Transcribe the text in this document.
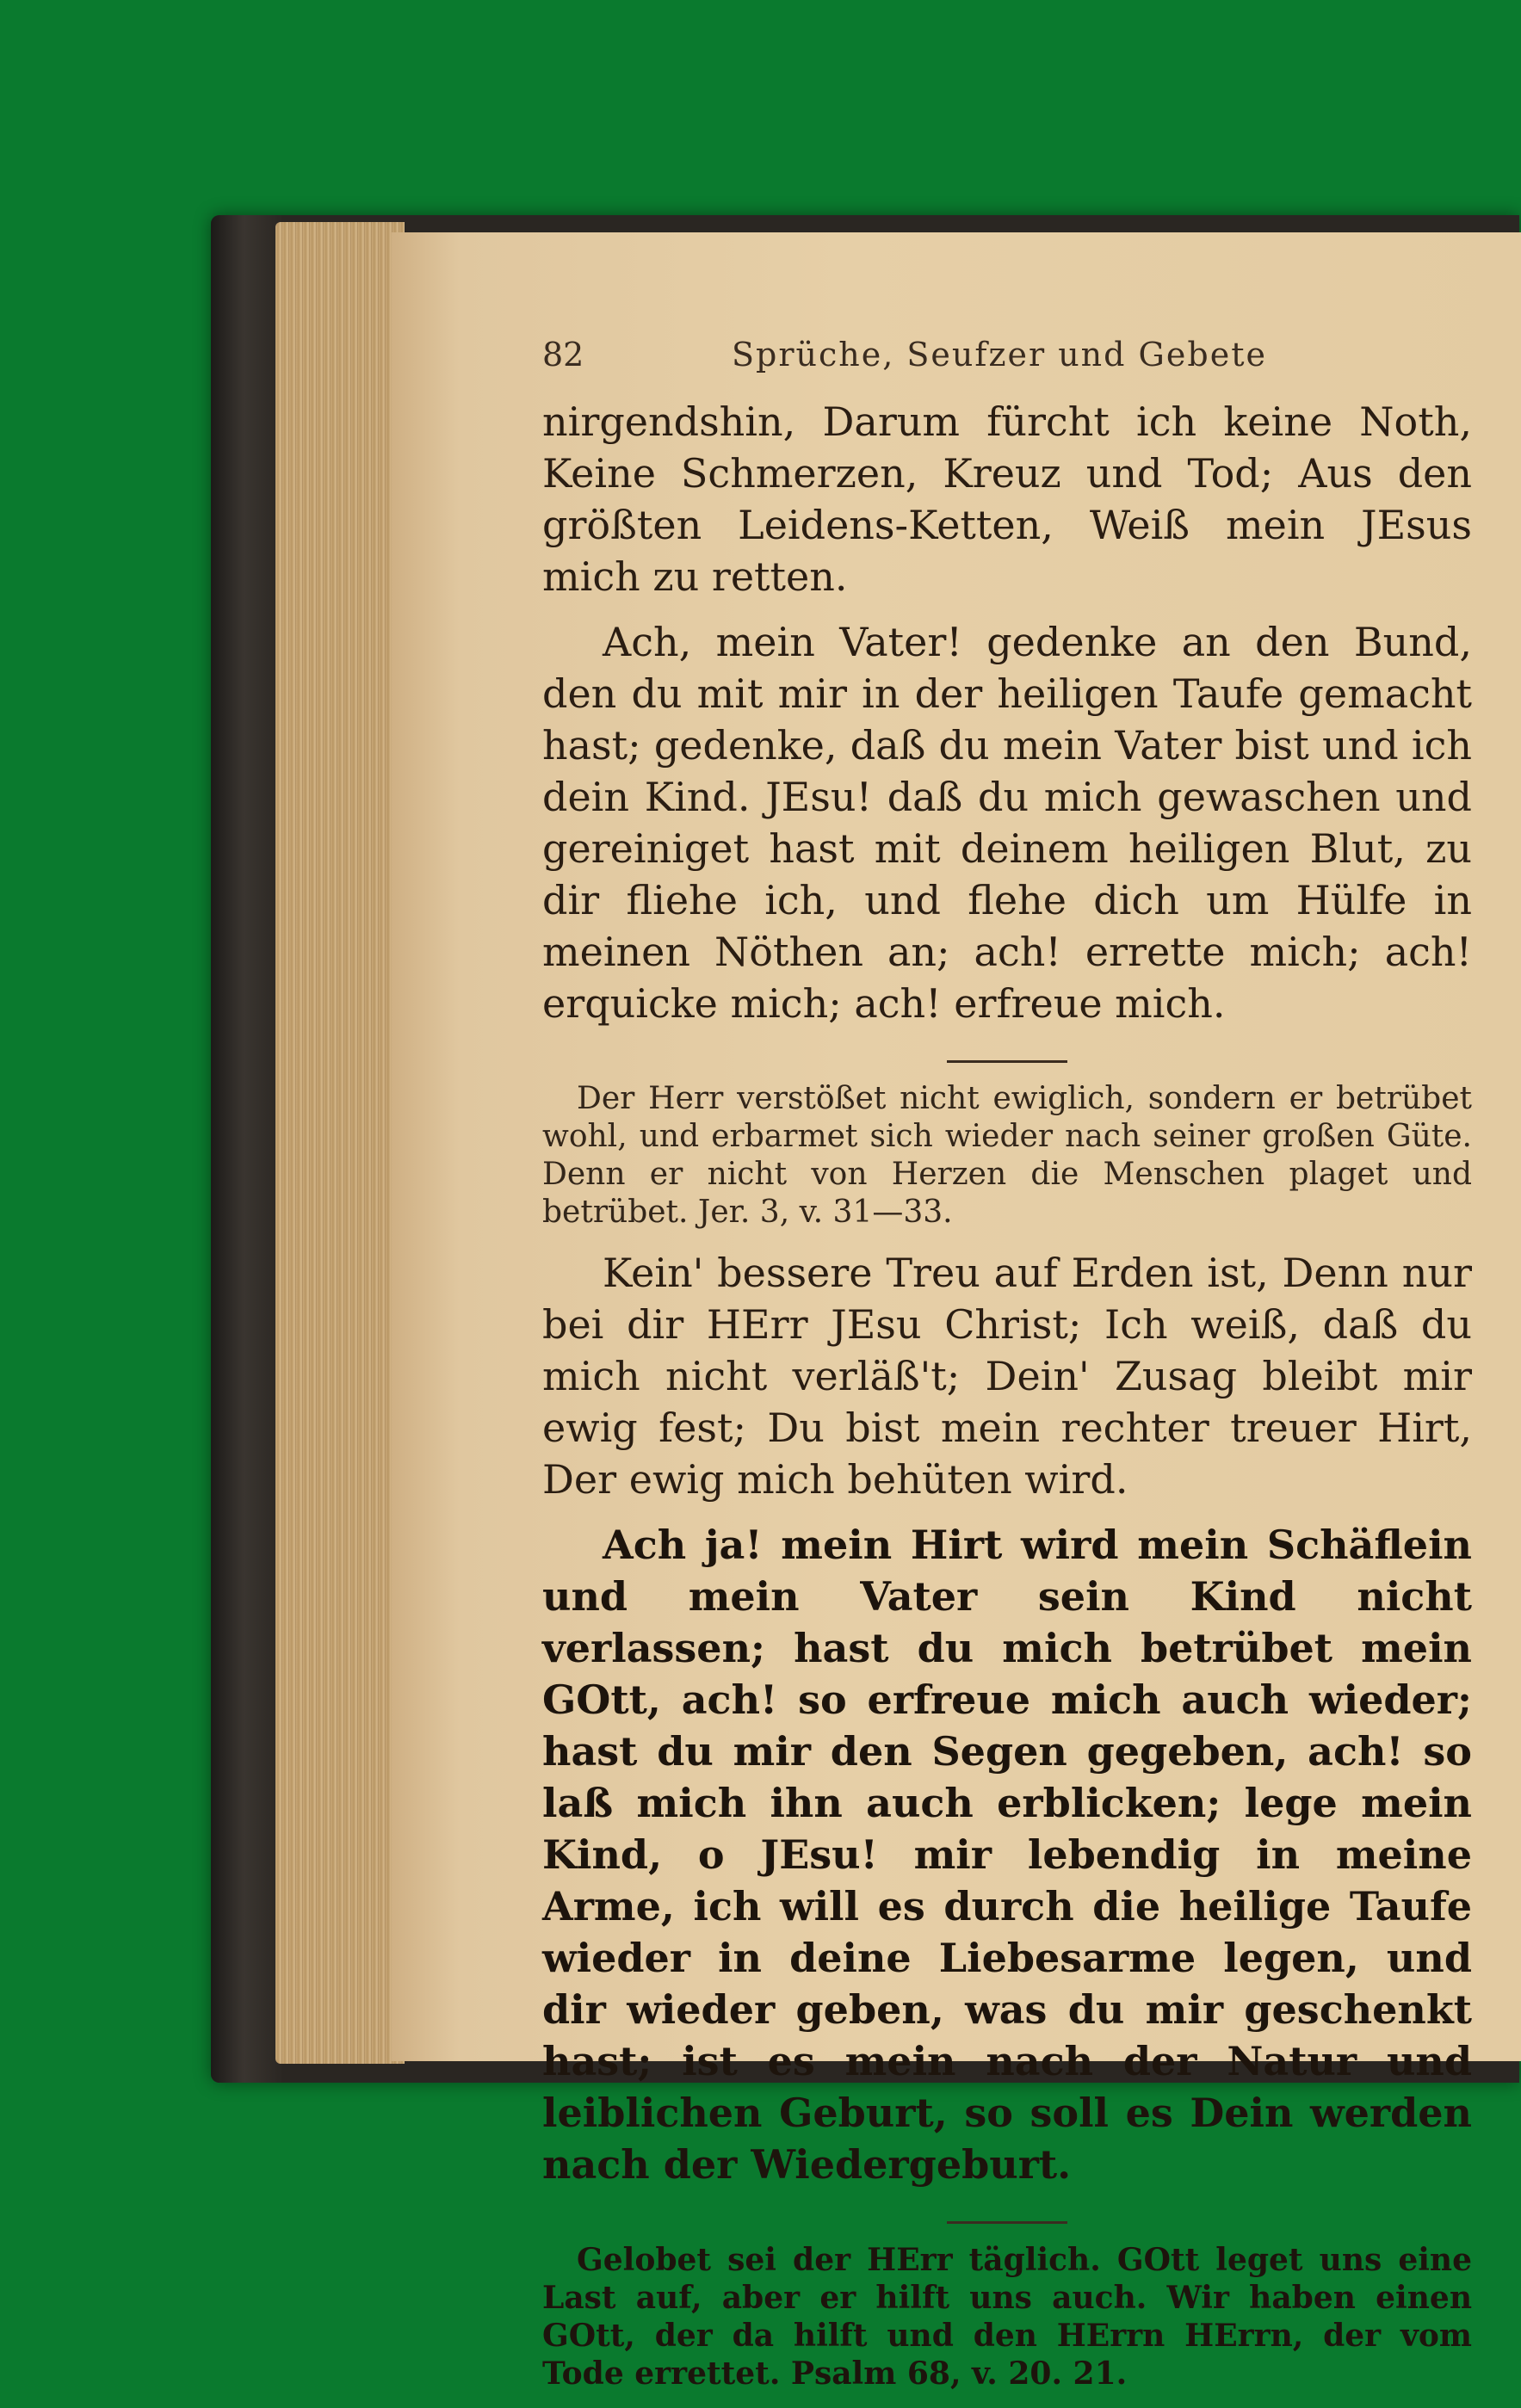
82	Sprüche, Seufzer und Gebete

nirgendshin, Darum fürcht ich keine Noth, Keine Schmerzen, Kreuz und Tod; Aus den größten Leidens-Ketten, Weiß mein JEsus mich zu retten.

Ach, mein Vater! gedenke an den Bund, den du mit mir in der heiligen Taufe gemacht hast; gedenke, daß du mein Vater bist und ich dein Kind. JEsu! daß du mich gewaschen und gereiniget hast mit deinem heiligen Blut, zu dir fliehe ich, und flehe dich um Hülfe in meinen Nöthen an; ach! errette mich; ach! erquicke mich; ach! erfreue mich.

Der Herr verstößet nicht ewiglich, sondern er betrübet wohl, und erbarmet sich wieder nach seiner großen Güte. Denn er nicht von Herzen die Menschen plaget und betrübet. Jer. 3, v. 31—33.

Kein' bessere Treu auf Erden ist, Denn nur bei dir HErr JEsu Christ; Ich weiß, daß du mich nicht verläß't; Dein' Zusag bleibt mir ewig fest; Du bist mein rechter treuer Hirt, Der ewig mich behüten wird.

Ach ja! mein Hirt wird mein Schäflein und mein Vater sein Kind nicht verlassen; hast du mich betrübet mein GOtt, ach! so erfreue mich auch wieder; hast du mir den Segen gegeben, ach! so laß mich ihn auch erblicken; lege mein Kind, o JEsu! mir lebendig in meine Arme, ich will es durch die heilige Taufe wieder in deine Liebesarme legen, und dir wieder geben, was du mir geschenkt hast; ist es mein nach der Natur und leiblichen Geburt, so soll es Dein werden nach der Wiedergeburt.

Gelobet sei der HErr täglich. GOtt leget uns eine Last auf, aber er hilft uns auch. Wir haben einen GOtt, der da hilft und den HErrn HErrn, der vom Tode errettet. Psalm 68, v. 20. 21.
